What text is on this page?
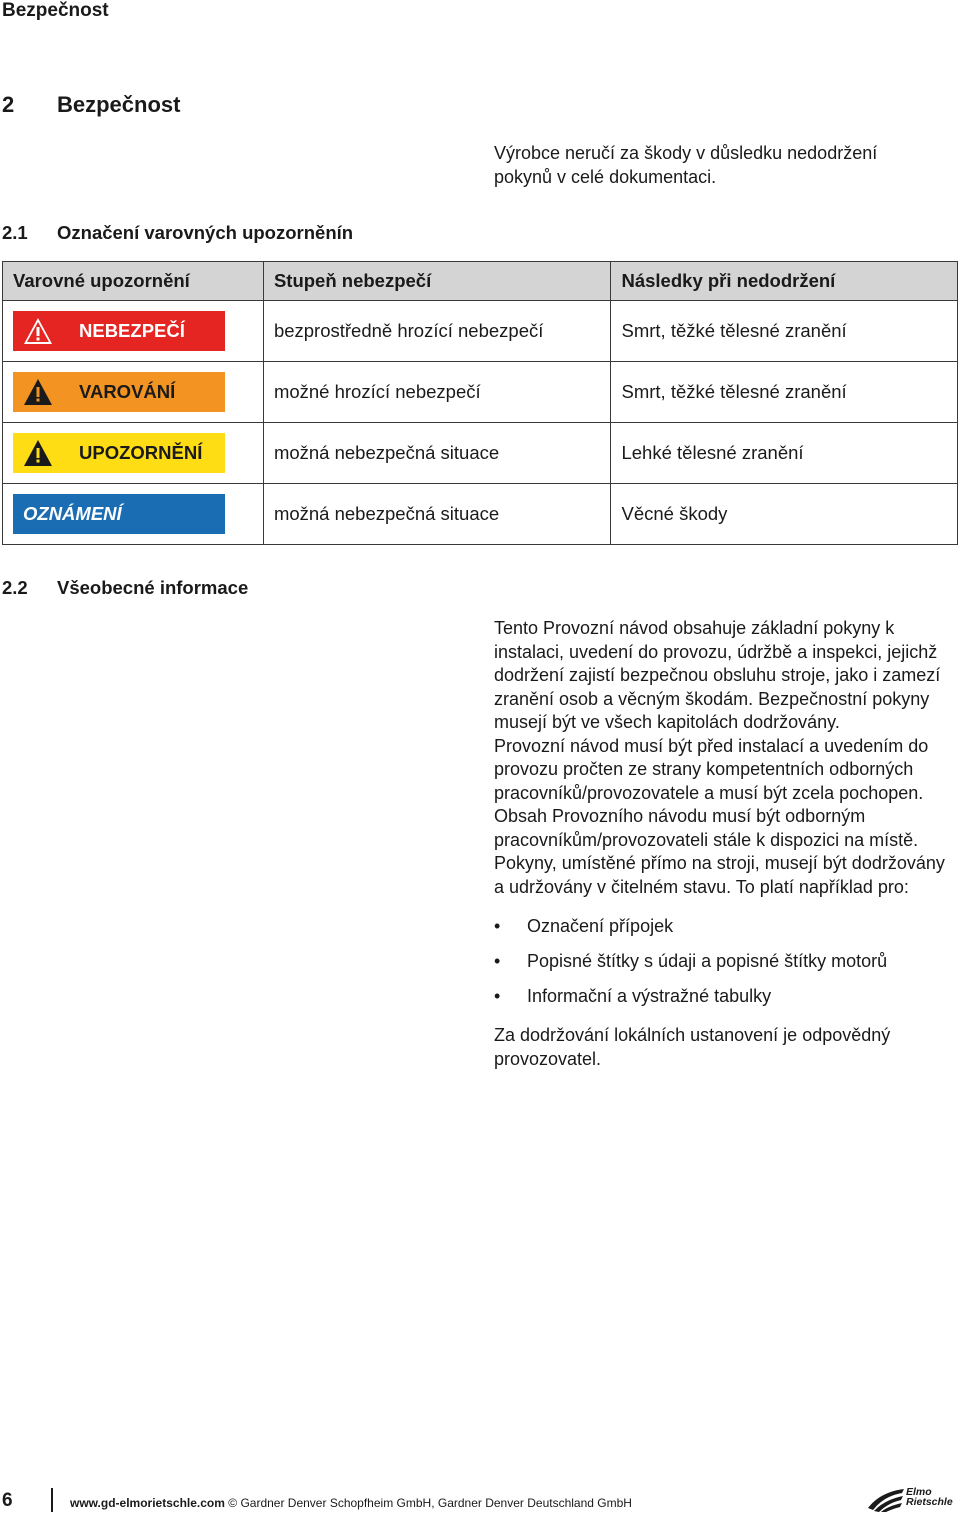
Bezpečnost
2 Bezpečnost
Výrobce neručí za škody v důsledku nedodržení pokynů v celé dokumentaci.
2.1 Označení varovných upozorněnín
Varovné upozornění	Stupeň nebezpečí	Následky při nedodržení

NEBEZPEČÍ	bezprostředně hrozící nebezpečí	Smrt, těžké tělesné zranění

VAROVÁNÍ	možné hrozící nebezpečí	Smrt, těžké tělesné zranění

UPOZORNĚNÍ	možná nebezpečná situace	Lehké tělesné zranění

OZNÁMENÍ	možná nebezpečná situace	Věcné škody
2.2 Všeobecné informace

Tento Provozní návod obsahuje základní pokyny k instalaci, uvedení do provozu, údržbě a inspekci, jejichž dodržení zajistí bezpečnou obsluhu stroje, jako i zamezí zranění osob a věcným škodám. Bezpečnostní pokyny musejí být ve všech kapitolách dodržovány.

Provozní návod musí být před instalací a uvedením do provozu pročten ze strany kompetentních odborných pracovníků/provozovatele a musí být zcela pochopen. Obsah Provozního návodu musí být odborným pracovníkům/provozovateli stále k dispozici na místě. Pokyny, umístěné přímo na stroji, musejí být dodržovány a udržovány v čitelném stavu. To platí například pro:

• Označení přípojek
• Popisné štítky s údaji a popisné štítky motorů
• Informační a výstražné tabulky

Za dodržování lokálních ustanovení je odpovědný provozovatel.

6	www.gd-elmorietschle.com © Gardner Denver Schopfheim GmbH, Gardner Denver Deutschland GmbH
Elmo
Rietschle
